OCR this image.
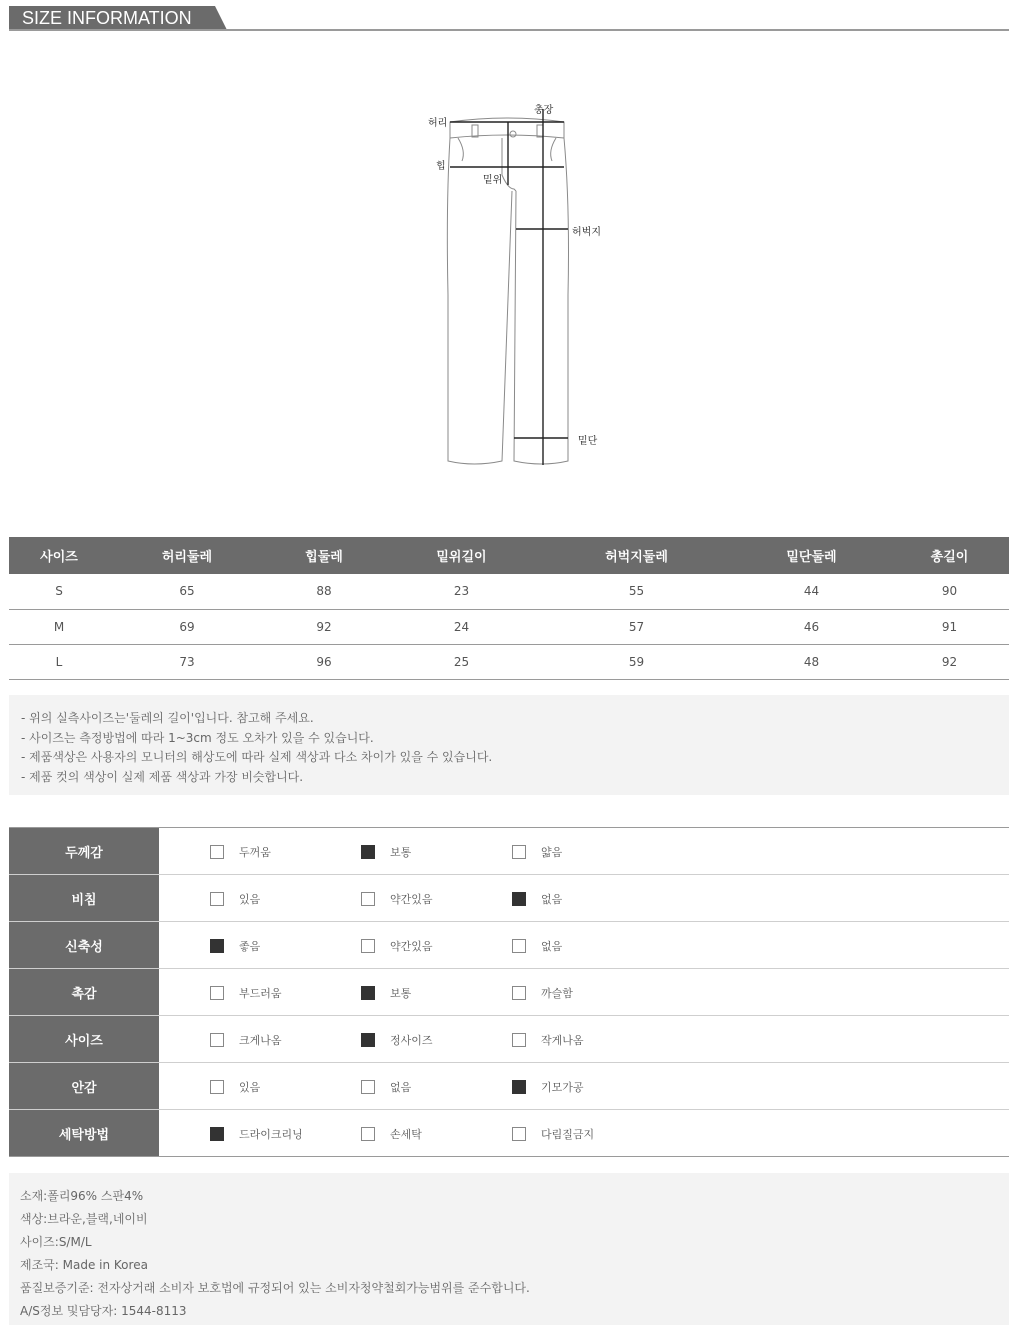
SIZE INFORMATION
총장
허리
힙
밑위
허벅지
밑단
사이즈	허리둘레	힙둘레	밑위길이	허벅지둘레	밑단둘레	총길이
S	65	88	23	55	44	90
M	69	92	24	57	46	91
L	73	96	25	59	48	92

- 위의 실측사이즈는'둘레의 길이'입니다. 참고해 주세요.

- 사이즈는 측정방법에 따라 1~3cm 정도 오차가 있을 수 있습니다.

- 제품색상은 사용자의 모니터의 해상도에 따라 실제 색상과 다소 차이가 있을 수 있습니다.

- 제품 컷의 색상이 실제 제품 색상과 가장 비슷합니다.

두께감	두꺼움	보통	얇음
비침	있음	약간있음	없음
신축성	좋음	약간있음	없음
촉감	부드러움	보통	까슬함
사이즈	크게나옴	정사이즈	작게나옴
안감	있음	없음	기모가공
세탁방법	드라이크리닝	손세탁	다림질금지

소재:폴리96% 스판4%

색상:브라운,블랙,네이비

사이즈:S/M/L

제조국: Made in Korea

품질보증기준: 전자상거래 소비자 보호법에 규정되어 있는 소비자청약철회가능범위를 준수합니다.

A/S정보 및담당자: 1544-8113
